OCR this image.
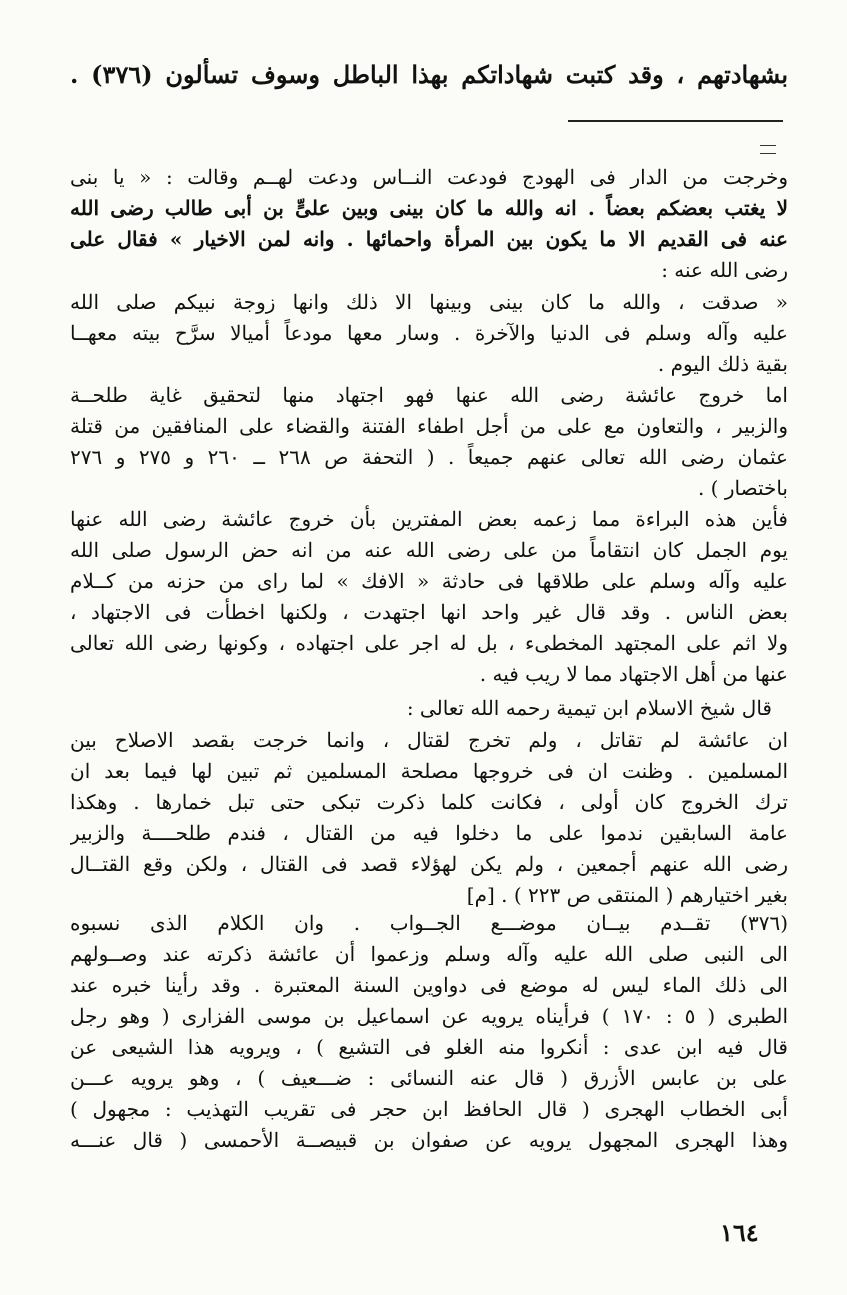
بشهادتهم ، وقد كتبت شهاداتكم بهذا الباطل وسوف تسألون (٣٧٦) .
وخرجت من الدار فى الهودج فودعت النــاس ودعت لهــم وقالت : « يا بنى
لا يغتب بعضكم بعضاً . انه والله ما كان بينى وبين علىٍّ بن أبى طالب رضى الله
عنه فى القديم الا ما يكون بين المرأة واحمائها . وانه لمن الاخيار » فقال على
رضى الله عنه :
« صدقت ، والله ما كان بينى وبينها الا ذلك وانها زوجة نبيكم صلى الله
عليه وآله وسلم فى الدنيا والآخرة . وسار معها مودعاً أميالا سرَّح بيته معهــا
بقية ذلك اليوم .
اما خروج عائشة رضى الله عنها فهو اجتهاد منها لتحقيق غاية طلحــة
والزبير ، والتعاون مع على من أجل اطفاء الفتنة والقضاء على المنافقين من قتلة
عثمان رضى الله تعالى عنهم جميعاً . ( التحفة ص ٢٦٨ ــ ٢٦٠ و ٢٧٥ و ٢٧٦
باختصار ) .
فأين هذه البراءة مما زعمه بعض المفترين بأن خروج عائشة رضى الله عنها
يوم الجمل كان انتقاماً من على رضى الله عنه من انه حض الرسول صلى الله
عليه وآله وسلم على طلاقها فى حادثة « الافك » لما راى من حزنه من كــلام
بعض الناس . وقد قال غير واحد انها اجتهدت ، ولكنها اخطأت فى الاجتهاد ،
ولا اثم على المجتهد المخطىء ، بل له اجر على اجتهاده ، وكونها رضى الله تعالى
عنها من أهل الاجتهاد مما لا ريب فيه .
قال شيخ الاسلام ابن تيمية رحمه الله تعالى :
ان عائشة لم تقاتل ، ولم تخرج لقتال ، وانما خرجت بقصد الاصلاح بين
المسلمين . وظنت ان فى خروجها مصلحة المسلمين ثم تبين لها فيما بعد ان
ترك الخروج كان أولى ، فكانت كلما ذكرت تبكى حتى تبل خمارها . وهكذا
عامة السابقين ندموا على ما دخلوا فيه من القتال ، فندم طلحــــة والزبير
رضى الله عنهم أجمعين ، ولم يكن لهؤلاء قصد فى القتال ، ولكن وقع القتــال
بغير اختيارهم ( المنتقى ص ٢٢٣ ) . [م]
(٣٧٦) تقــدم بيــان موضـــع الجــواب . وان الكلام الذى نسبوه
الى النبى صلى الله عليه وآله وسلم وزعموا أن عائشة ذكرته عند وصــولهم
الى ذلك الماء ليس له موضع فى دواوين السنة المعتبرة . وقد رأينا خبره عند
الطبرى ( ٥ : ١٧٠ ) فرأيناه يرويه عن اسماعيل بن موسى الفزارى ( وهو رجل
قال فيه ابن عدى : أنكروا منه الغلو فى التشيع ) ، ويرويه هذا الشيعى عن
على بن عابس الأزرق ( قال عنه النسائى : ضـــعيف ) ، وهو يرويه عـــن
أبى الخطاب الهجرى ( قال الحافظ ابن حجر فى تقريب التهذيب : مجهول )
وهذا الهجرى المجهول يرويه عن صفوان بن قبيصــة الأحمسى ( قال عنـــه
١٦٤
